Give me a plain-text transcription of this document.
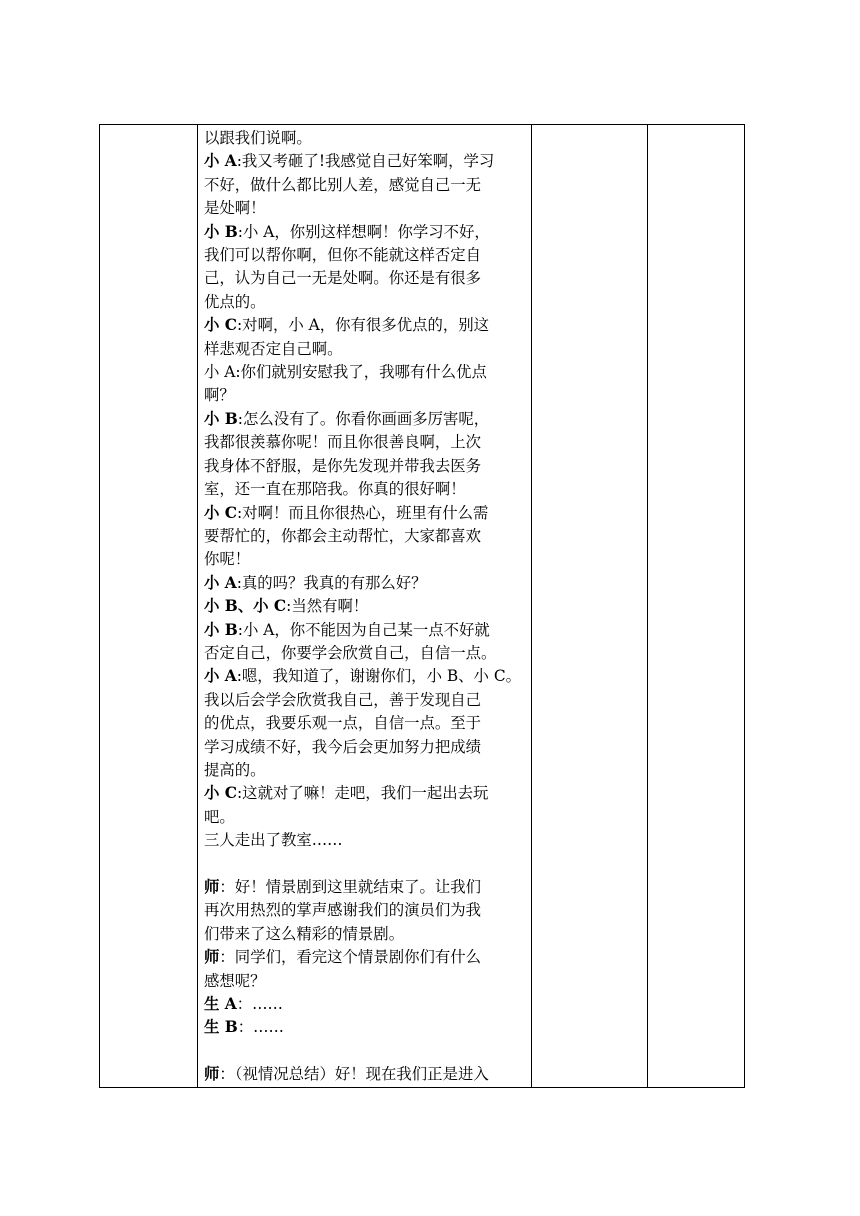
以跟我们说啊。
小 A:我又考砸了!我感觉自己好笨啊，学习
不好，做什么都比别人差，感觉自己一无
是处啊！
小 B:小 A，你别这样想啊！你学习不好，
我们可以帮你啊，但你不能就这样否定自
己，认为自己一无是处啊。你还是有很多
优点的。
小 C:对啊，小 A，你有很多优点的，别这
样悲观否定自己啊。
小 A:你们就别安慰我了，我哪有什么优点
啊？
小 B:怎么没有了。你看你画画多厉害呢，
我都很羡慕你呢！而且你很善良啊，上次
我身体不舒服，是你先发现并带我去医务
室，还一直在那陪我。你真的很好啊！
小 C:对啊！而且你很热心，班里有什么需
要帮忙的，你都会主动帮忙，大家都喜欢
你呢！
小 A:真的吗？我真的有那么好？
小 B、小 C:当然有啊！
小 B:小 A，你不能因为自己某一点不好就
否定自己，你要学会欣赏自己，自信一点。
小 A:嗯，我知道了，谢谢你们，小 B、小 C。
我以后会学会欣赏我自己，善于发现自己
的优点，我要乐观一点，自信一点。至于
学习成绩不好，我今后会更加努力把成绩
提高的。
小 C:这就对了嘛！走吧，我们一起出去玩
吧。
三人走出了教室……
师：好！情景剧到这里就结束了。让我们
再次用热烈的掌声感谢我们的演员们为我
们带来了这么精彩的情景剧。
师：同学们，看完这个情景剧你们有什么
感想呢？
生 A：……
生 B：……
师：（视情况总结）好！现在我们正是进入
